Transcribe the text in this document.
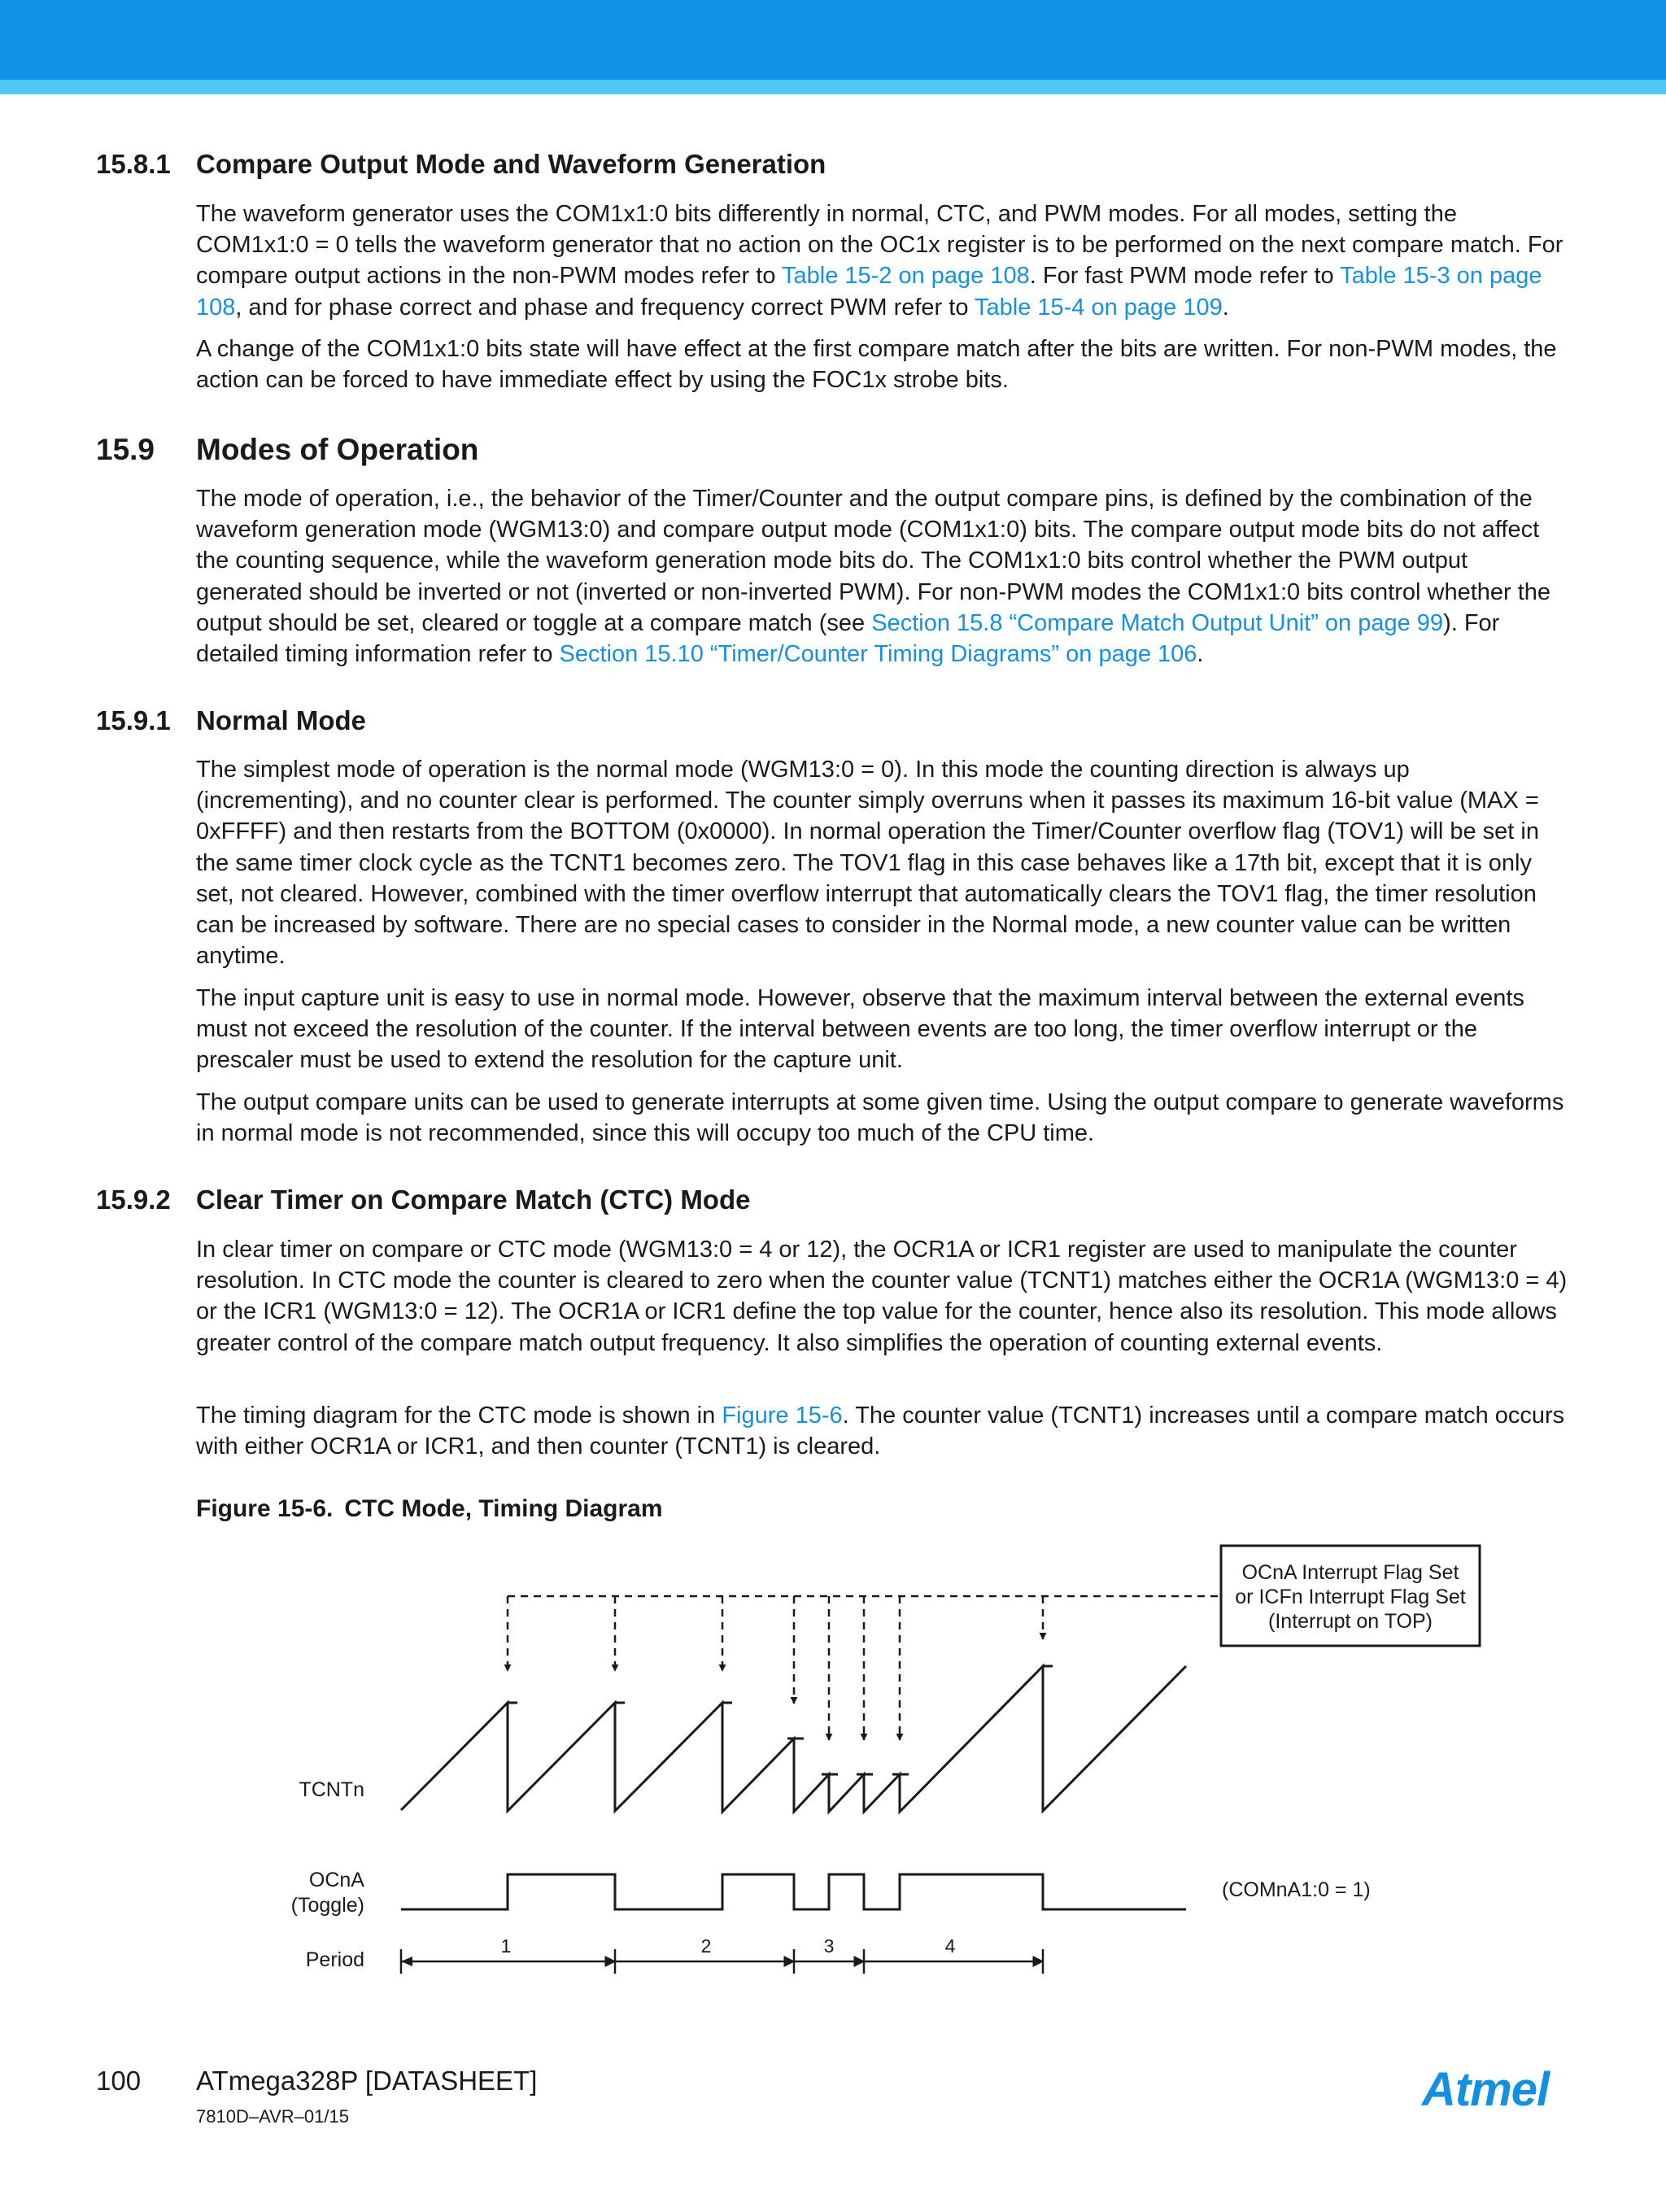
15.8.1 Compare Output Mode and Waveform Generation

The waveform generator uses the COM1x1:0 bits differently in normal, CTC, and PWM modes. For all modes, setting the COM1x1:0 = 0 tells the waveform generator that no action on the OC1x register is to be performed on the next compare match. For compare output actions in the non-PWM modes refer to Table 15-2 on page 108. For fast PWM mode refer to Table 15-3 on page 108, and for phase correct and phase and frequency correct PWM refer to Table 15-4 on page 109.

A change of the COM1x1:0 bits state will have effect at the first compare match after the bits are written. For non-PWM modes, the action can be forced to have immediate effect by using the FOC1x strobe bits.

15.9 Modes of Operation

The mode of operation, i.e., the behavior of the Timer/Counter and the output compare pins, is defined by the combination of the waveform generation mode (WGM13:0) and compare output mode (COM1x1:0) bits. The compare output mode bits do not affect the counting sequence, while the waveform generation mode bits do. The COM1x1:0 bits control whether the PWM output generated should be inverted or not (inverted or non-inverted PWM). For non-PWM modes the COM1x1:0 bits control whether the output should be set, cleared or toggle at a compare match (see Section 15.8 “Compare Match Output Unit” on page 99). For detailed timing information refer to Section 15.10 “Timer/Counter Timing Diagrams” on page 106.

15.9.1 Normal Mode

The simplest mode of operation is the normal mode (WGM13:0 = 0). In this mode the counting direction is always up (incrementing), and no counter clear is performed. The counter simply overruns when it passes its maximum 16-bit value (MAX = 0xFFFF) and then restarts from the BOTTOM (0x0000). In normal operation the Timer/Counter overflow flag (TOV1) will be set in the same timer clock cycle as the TCNT1 becomes zero. The TOV1 flag in this case behaves like a 17th bit, except that it is only set, not cleared. However, combined with the timer overflow interrupt that automatically clears the TOV1 flag, the timer resolution can be increased by software. There are no special cases to consider in the Normal mode, a new counter value can be written anytime.

The input capture unit is easy to use in normal mode. However, observe that the maximum interval between the external events must not exceed the resolution of the counter. If the interval between events are too long, the timer overflow interrupt or the prescaler must be used to extend the resolution for the capture unit.

The output compare units can be used to generate interrupts at some given time. Using the output compare to generate waveforms in normal mode is not recommended, since this will occupy too much of the CPU time.

15.9.2 Clear Timer on Compare Match (CTC) Mode

In clear timer on compare or CTC mode (WGM13:0 = 4 or 12), the OCR1A or ICR1 register are used to manipulate the counter resolution. In CTC mode the counter is cleared to zero when the counter value (TCNT1) matches either the OCR1A (WGM13:0 = 4) or the ICR1 (WGM13:0 = 12). The OCR1A or ICR1 define the top value for the counter, hence also its resolution. This mode allows greater control of the compare match output frequency. It also simplifies the operation of counting external events.

The timing diagram for the CTC mode is shown in Figure 15-6. The counter value (TCNT1) increases until a compare match occurs with either OCR1A or ICR1, and then counter (TCNT1) is cleared.

Figure 15-6. CTC Mode, Timing Diagram
OCnA Interrupt Flag Set
or ICFn Interrupt Flag Set
(Interrupt on TOP)
TCNTn
OCnA
(Toggle)
(COMnA1:0 = 1)
Period
1	2	3	4
100 ATmega328P [DATASHEET]
7810D–AVR–01/15
Atmel
